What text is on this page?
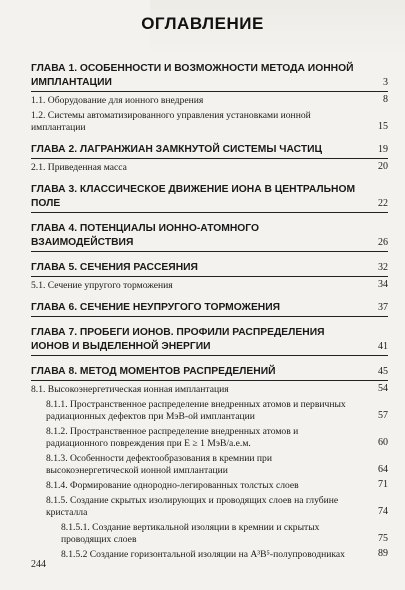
ОГЛАВЛЕНИЕ
ГЛАВА 1. ОСОБЕННОСТИ И ВОЗМОЖНОСТИ МЕТОДА ИОННОЙ ИМПЛАНТАЦИИ	3
1.1. Оборудование для ионного внедрения	8
1.2. Системы автоматизированного управления установками ионной имплантации	15
ГЛАВА 2. ЛАГРАНЖИАН ЗАМКНУТОЙ СИСТЕМЫ ЧАСТИЦ	19
2.1. Приведенная масса	20
ГЛАВА 3. КЛАССИЧЕСКОЕ ДВИЖЕНИЕ ИОНА В ЦЕНТРАЛЬНОМ ПОЛЕ	22
ГЛАВА 4. ПОТЕНЦИАЛЫ ИОННО-АТОМНОГО ВЗАИМОДЕЙСТВИЯ	26
ГЛАВА 5. СЕЧЕНИЯ РАССЕЯНИЯ	32
5.1. Сечение упругого торможения	34
ГЛАВА 6. СЕЧЕНИЕ НЕУПРУГОГО ТОРМОЖЕНИЯ	37
ГЛАВА 7. ПРОБЕГИ ИОНОВ. ПРОФИЛИ РАСПРЕДЕЛЕНИЯ ИОНОВ И ВЫДЕЛЕННОЙ ЭНЕРГИИ	41
ГЛАВА 8. МЕТОД МОМЕНТОВ РАСПРЕДЕЛЕНИЙ	45
8.1. Высокоэнергетическая ионная имплантация	54
8.1.1. Пространственное распределение внедренных атомов и первичных радиационных дефектов при МэВ-ой имплантации	57
8.1.2. Пространственное распределение внедренных атомов и радиационного повреждения при E ≥ 1 МэВ/а.е.м.	60
8.1.3. Особенности дефектообразования в кремнии при высокоэнергетической ионной имплантации	64
8.1.4. Формирование однородно-легированных толстых слоев	71
8.1.5. Создание скрытых изолирующих и проводящих слоев на глубине кристалла	74
8.1.5.1. Создание вертикальной изоляции в кремнии и скрытых проводящих слоев	75
8.1.5.2 Создание горизонтальной изоляции на A³B⁵-полупроводниках	89
244
